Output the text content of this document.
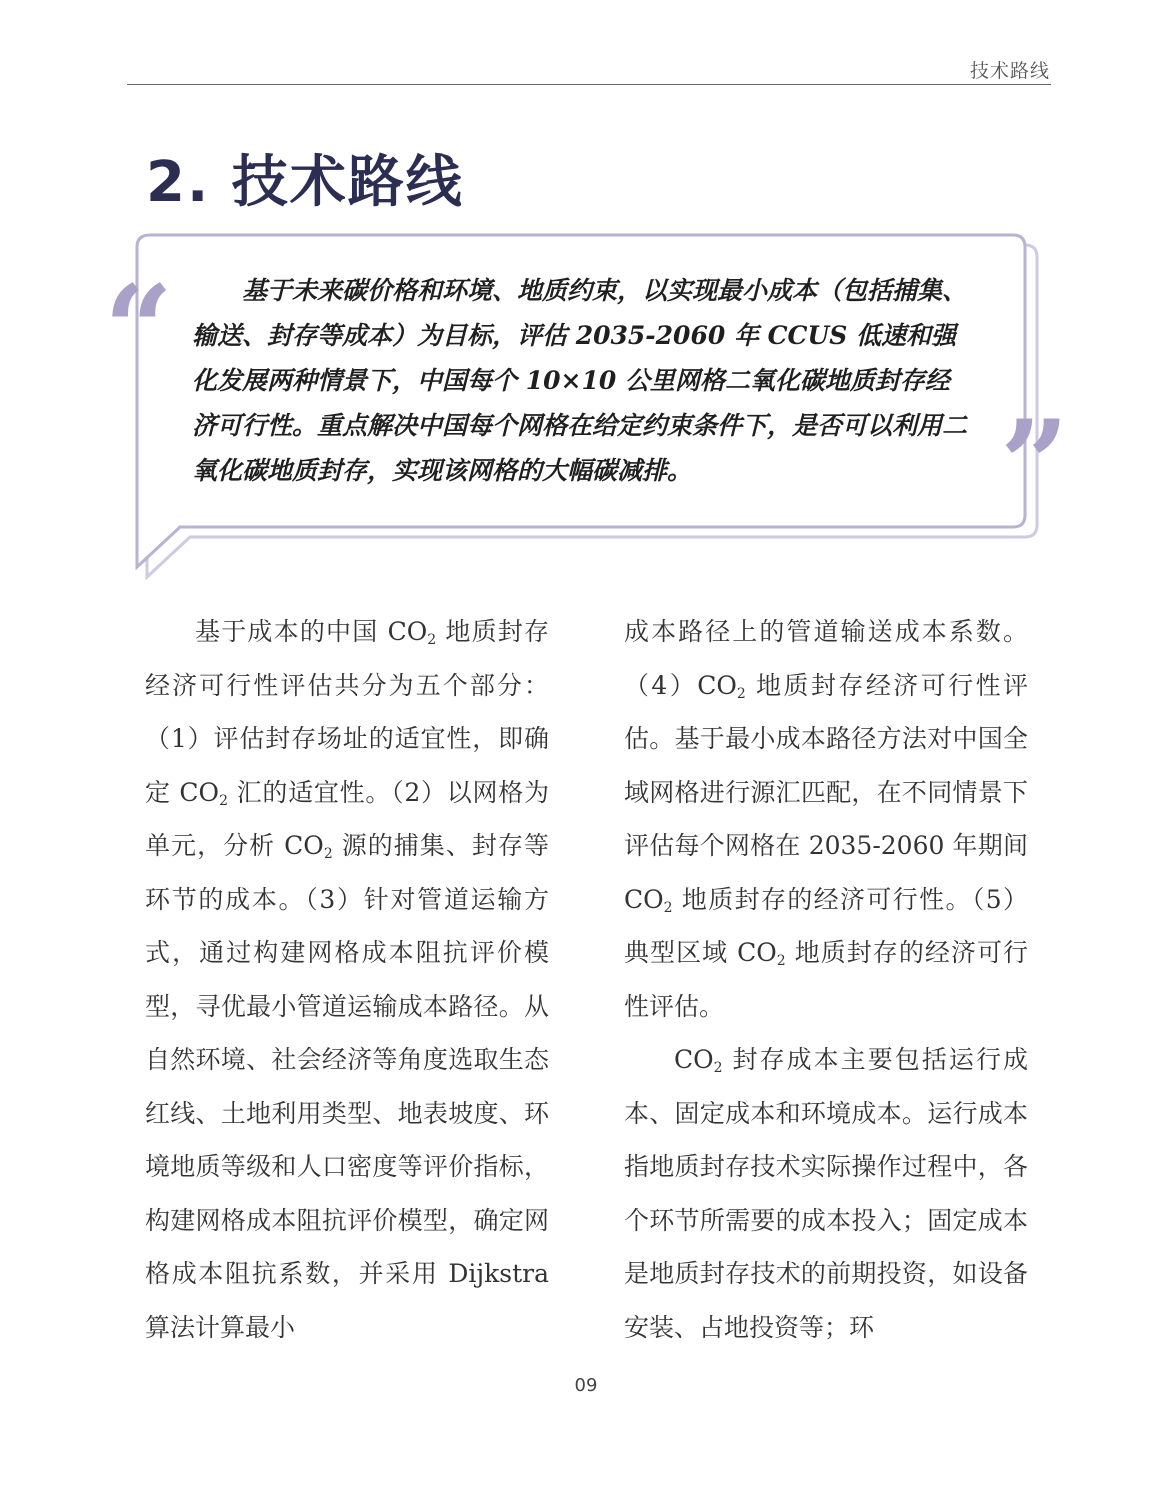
技术路线
2. 技术路线
“
”

基于未来碳价格和环境、地质约束，以实现最小成本（包括捕集、输送、封存等成本）为目标，评估 2035-2060 年 CCUS 低速和强化发展两种情景下，中国每个 10×10 公里网格二氧化碳地质封存经济可行性。重点解决中国每个网格在给定约束条件下，是否可以利用二氧化碳地质封存，实现该网格的大幅碳减排。

基于成本的中国 $CO_2$ 地质封存经济可行性评估共分为五个部分：（1）评估封存场址的适宜性，即确定 $CO_2$ 汇的适宜性。（2）以网格为单元，分析 $CO_2$ 源的捕集、封存等环节的成本。（3）针对管道运输方式，通过构建网格成本阻抗评价模型，寻优最小管道运输成本路径。从自然环境、社会经济等角度选取生态红线、土地利用类型、地表坡度、环境地质等级和人口密度等评价指标，构建网格成本阻抗评价模型，确定网格成本阻抗系数，并采用 Dijkstra 算法计算最小

成本路径上的管道输送成本系数。$(4)CO_2$ 地质封存经济可行性评估。基于最小成本路径方法对中国全域网格进行源汇匹配，在不同情景下评估每个网格在 2035-2060 年期间 $CO_2$ 地质封存的经济可行性。（5）典型区域 $CO_2$ 地质封存的经济可行性评估。

$CO_2$ 封存成本主要包括运行成本、固定成本和环境成本。运行成本指地质封存技术实际操作过程中，各个环节所需要的成本投入；固定成本是地质封存技术的前期投资，如设备安装、占地投资等；环

09
